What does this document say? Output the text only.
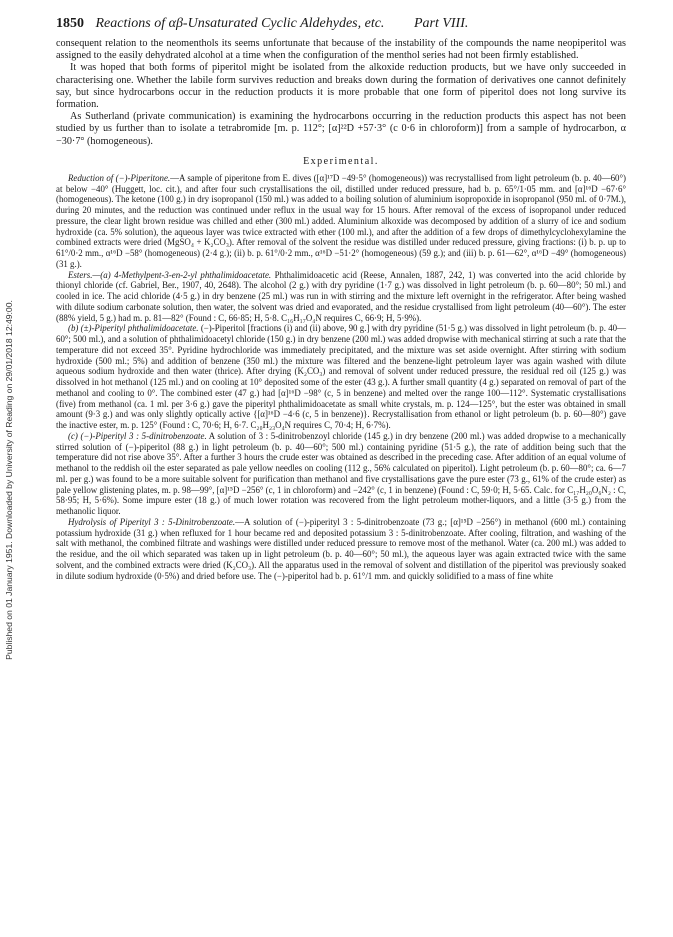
Published on 01 January 1951. Downloaded by University of Reading on 29/01/2018 12:49:00.
1850 Reactions of αβ-Unsaturated Cyclic Aldehydes, etc. Part VIII.

consequent relation to the neomenthols its seems unfortunate that because of the instability of the compounds the name neopiperitol was assigned to the easily dehydrated alcohol at a time when the configuration of the menthol series had not been firmly established.

It was hoped that both forms of piperitol might be isolated from the alkoxide reduction products, but we have only succeeded in characterising one. Whether the labile form survives reduction and breaks down during the formation of derivatives one cannot definitely say, but since hydrocarbons occur in the reduction products it is more probable that one form of piperitol does not long survive its formation.

As Sutherland (private communication) is examining the hydrocarbons occurring in the reduction products this aspect has not been studied by us further than to isolate a tetrabromide [m. p. 112°; [α]²²D +57·3° (c 0·6 in chloroform)] from a sample of hydrocarbon, α −30·7° (homogeneous).

Experimental.

Reduction of (−)-Piperitone.—A sample of piperitone from E. dives ([α]¹⁷D −49·5° (homogeneous)) was recrystallised from light petroleum (b. p. 40—60°) at below −40° (Huggett, loc. cit.), and after four such crystallisations the oil, distilled under reduced pressure, had b. p. 65°/1·05 mm. and [α]¹⁶D −67·6° (homogeneous). The ketone (100 g.) in dry isopropanol (150 ml.) was added to a boiling solution of aluminium isopropoxide in isopropanol (950 ml. of 0·7M.), during 20 minutes, and the reduction was continued under reflux in the usual way for 15 hours. After removal of the excess of isopropanol under reduced pressure, the clear light brown residue was chilled and ether (300 ml.) added. Aluminium alkoxide was decomposed by addition of a slurry of ice and sodium hydroxide (ca. 5% solution), the aqueous layer was twice extracted with ether (100 ml.), and after the addition of a few drops of dimethylcyclohexylamine the combined extracts were dried (MgSO₄ + K₂CO₃). After removal of the solvent the residue was distilled under reduced pressure, giving fractions: (i) b. p. up to 61°/0·2 mm., α¹⁶D −58° (homogeneous) (2·4 g.); (ii) b. p. 61°/0·2 mm., α¹⁶D −51·2° (homogeneous) (59 g.); and (iii) b. p. 61—62°, α¹⁶D −49° (homogeneous) (31 g.).

Esters.—(a) 4-Methylpent-3-en-2-yl phthalimidoacetate. Phthalimidoacetic acid (Reese, Annalen, 1887, 242, 1) was converted into the acid chloride by thionyl chloride (cf. Gabriel, Ber., 1907, 40, 2648). The alcohol (2 g.) with dry pyridine (1·7 g.) was dissolved in light petroleum (b. p. 60—80°; 50 ml.) and cooled in ice. The acid chloride (4·5 g.) in dry benzene (25 ml.) was run in with stirring and the mixture left overnight in the refrigerator. After being washed with dilute sodium carbonate solution, then water, the solvent was dried and evaporated, and the residue crystallised from light petroleum (40—60°). The ester (88% yield, 5 g.) had m. p. 81—82° (Found : C, 66·85; H, 5·8. C₁₆H₁₇O₄N requires C, 66·9; H, 5·9%).

(b) (±)-Piperityl phthalimidoacetate. (−)-Piperitol [fractions (i) and (ii) above, 90 g.] with dry pyridine (51·5 g.) was dissolved in light petroleum (b. p. 40—60°; 500 ml.), and a solution of phthalimidoacetyl chloride (150 g.) in dry benzene (200 ml.) was added dropwise with mechanical stirring at such a rate that the temperature did not exceed 35°. Pyridine hydrochloride was immediately precipitated, and the mixture was set aside overnight. After stirring with sodium hydroxide (500 ml.; 5%) and addition of benzene (350 ml.) the mixture was filtered and the benzene-light petroleum layer was again washed with dilute aqueous sodium hydroxide and then water (thrice). After drying (K₂CO₃) and removal of solvent under reduced pressure, the residual red oil (125 g.) was dissolved in hot methanol (125 ml.) and on cooling at 10° deposited some of the ester (43 g.). A further small quantity (4 g.) separated on removal of part of the methanol and cooling to 0°. The combined ester (47 g.) had [α]¹⁶D −98° (c, 5 in benzene) and melted over the range 100—112°. Systematic crystallisations (five) from methanol (ca. 1 ml. per 3·6 g.) gave the piperityl phthalimidoacetate as small white crystals, m. p. 124—125°, but the ester was obtained in small amount (9·3 g.) and was only slightly optically active {[α]¹⁶D −4·6 (c, 5 in benzene)}. Recrystallisation from ethanol or light petroleum (b. p. 60—80°) gave the inactive ester, m. p. 125° (Found : C, 70·6; H, 6·7. C₂₀H₂₃O₄N requires C, 70·4; H, 6·7%).

(c) (−)-Piperityl 3 : 5-dinitrobenzoate. A solution of 3 : 5-dinitrobenzoyl chloride (145 g.) in dry benzene (200 ml.) was added dropwise to a mechanically stirred solution of (−)-piperitol (88 g.) in light petroleum (b. p. 40—60°; 500 ml.) containing pyridine (51·5 g.), the rate of addition being such that the temperature did not rise above 35°. After a further 3 hours the crude ester was obtained as described in the preceding case. After addition of an equal volume of methanol to the reddish oil the ester separated as pale yellow needles on cooling (112 g., 56% calculated on piperitol). Light petroleum (b. p. 60—80°; ca. 6—7 ml. per g.) was found to be a more suitable solvent for purification than methanol and five crystallisations gave the pure ester (73 g., 61% of the crude ester) as pale yellow glistening plates, m. p. 98—99°, [α]¹⁵D −256° (c, 1 in chloroform) and −242° (c, 1 in benzene) (Found : C, 59·0; H, 5·65. Calc. for C₁₇H₂₀O₆N₂ : C, 58·95; H, 5·6%). Some impure ester (18 g.) of much lower rotation was recovered from the light petroleum mother-liquors, and a little (3·5 g.) from the methanolic liquor.

Hydrolysis of Piperityl 3 : 5-Dinitrobenzoate.—A solution of (−)-piperityl 3 : 5-dinitrobenzoate (73 g.; [α]¹⁵D −256°) in methanol (600 ml.) containing potassium hydroxide (31 g.) when refluxed for 1 hour became red and deposited potassium 3 : 5-dinitrobenzoate. After cooling, filtration, and washing of the salt with methanol, the combined filtrate and washings were distilled under reduced pressure to remove most of the methanol. Water (ca. 200 ml.) was added to the residue, and the oil which separated was taken up in light petroleum (b. p. 40—60°; 50 ml.), the aqueous layer was again extracted twice with the same solvent, and the combined extracts were dried (K₂CO₃). All the apparatus used in the removal of solvent and distillation of the piperitol was previously soaked in dilute sodium hydroxide (0·5%) and dried before use. The (−)-piperitol had b. p. 61°/1 mm. and quickly solidified to a mass of fine white
